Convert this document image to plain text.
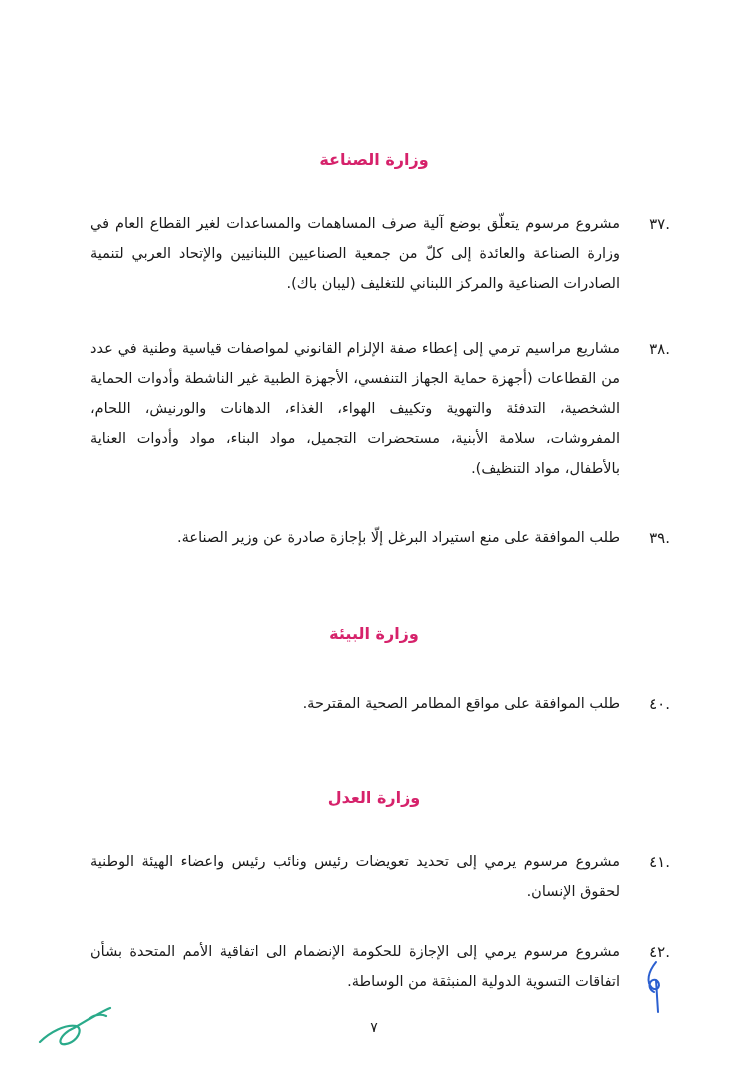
وزارة الصناعة
.٣٧
مشروع مرسوم يتعلّق بوضع آلية صرف المساهمات والمساعدات لغير القطاع العام في وزارة الصناعة والعائدة إلى كلّ من جمعية الصناعيين اللبنانيين والإتحاد العربي لتنمية الصادرات الصناعية والمركز اللبناني للتغليف (ليبان باك).
.٣٨
مشاريع مراسيم ترمي إلى إعطاء صفة الإلزام القانوني لمواصفات قياسية وطنية في عدد من القطاعات (أجهزة حماية الجهاز التنفسي، الأجهزة الطبية غير الناشطة وأدوات الحماية الشخصية، التدفئة والتهوية وتكييف الهواء، الغذاء، الدهانات والورنيش، اللحام، المفروشات، سلامة الأبنية، مستحضرات التجميل، مواد البناء، مواد وأدوات العناية بالأطفال، مواد التنظيف).
.٣٩
طلب الموافقة على منع استيراد البرغل إلّا بإجازة صادرة عن وزير الصناعة.
وزارة البيئة
.٤٠
طلب الموافقة على مواقع المطامر الصحية المقترحة.
وزارة العدل
.٤١
مشروع مرسوم يرمي إلى تحديد تعويضات رئيس ونائب رئيس واعضاء الهيئة الوطنية لحقوق الإنسان.
.٤٢
مشروع مرسوم يرمي إلى الإجازة للحكومة الإنضمام الى اتفاقية الأمم المتحدة بشأن اتفاقات التسوية الدولية المنبثقة من الوساطة.
٧
